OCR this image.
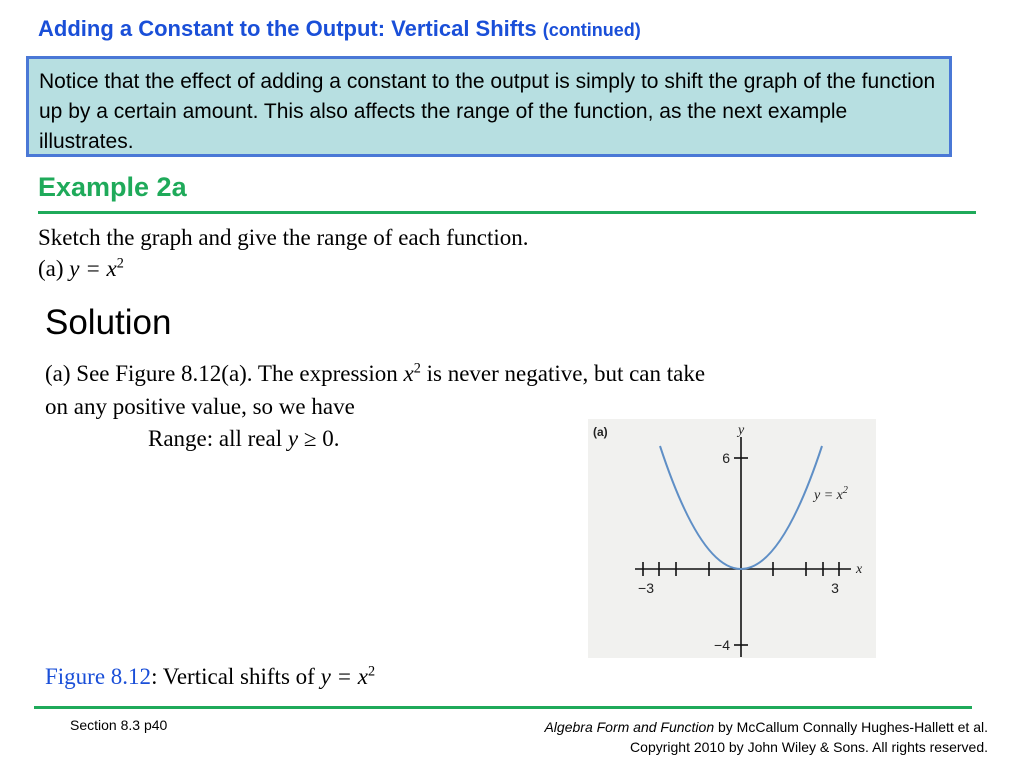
Adding a Constant to the Output: Vertical Shifts (continued)
Notice that the effect of adding a constant to the output is simply to shift the graph of the function up by a certain amount. This also affects the range of the function, as the next example illustrates.
Example 2a
Sketch the graph and give the range of each function.
(a) $y = x^2$
Solution
(a) See Figure 8.12(a). The expression $x^2$ is never negative, but can take
on any positive value, so we have
Range: all real y ≥ 0.	(a)	y
6
−4
−3	3
x
$y = x^2$
Figure 8.12: Vertical shifts of $y = x^2$
Section 8.3 p40	Algebra Form and Function by McCallum Connally Hughes-Hallett et al.
Copyright 2010 by John Wiley & Sons. All rights reserved.
